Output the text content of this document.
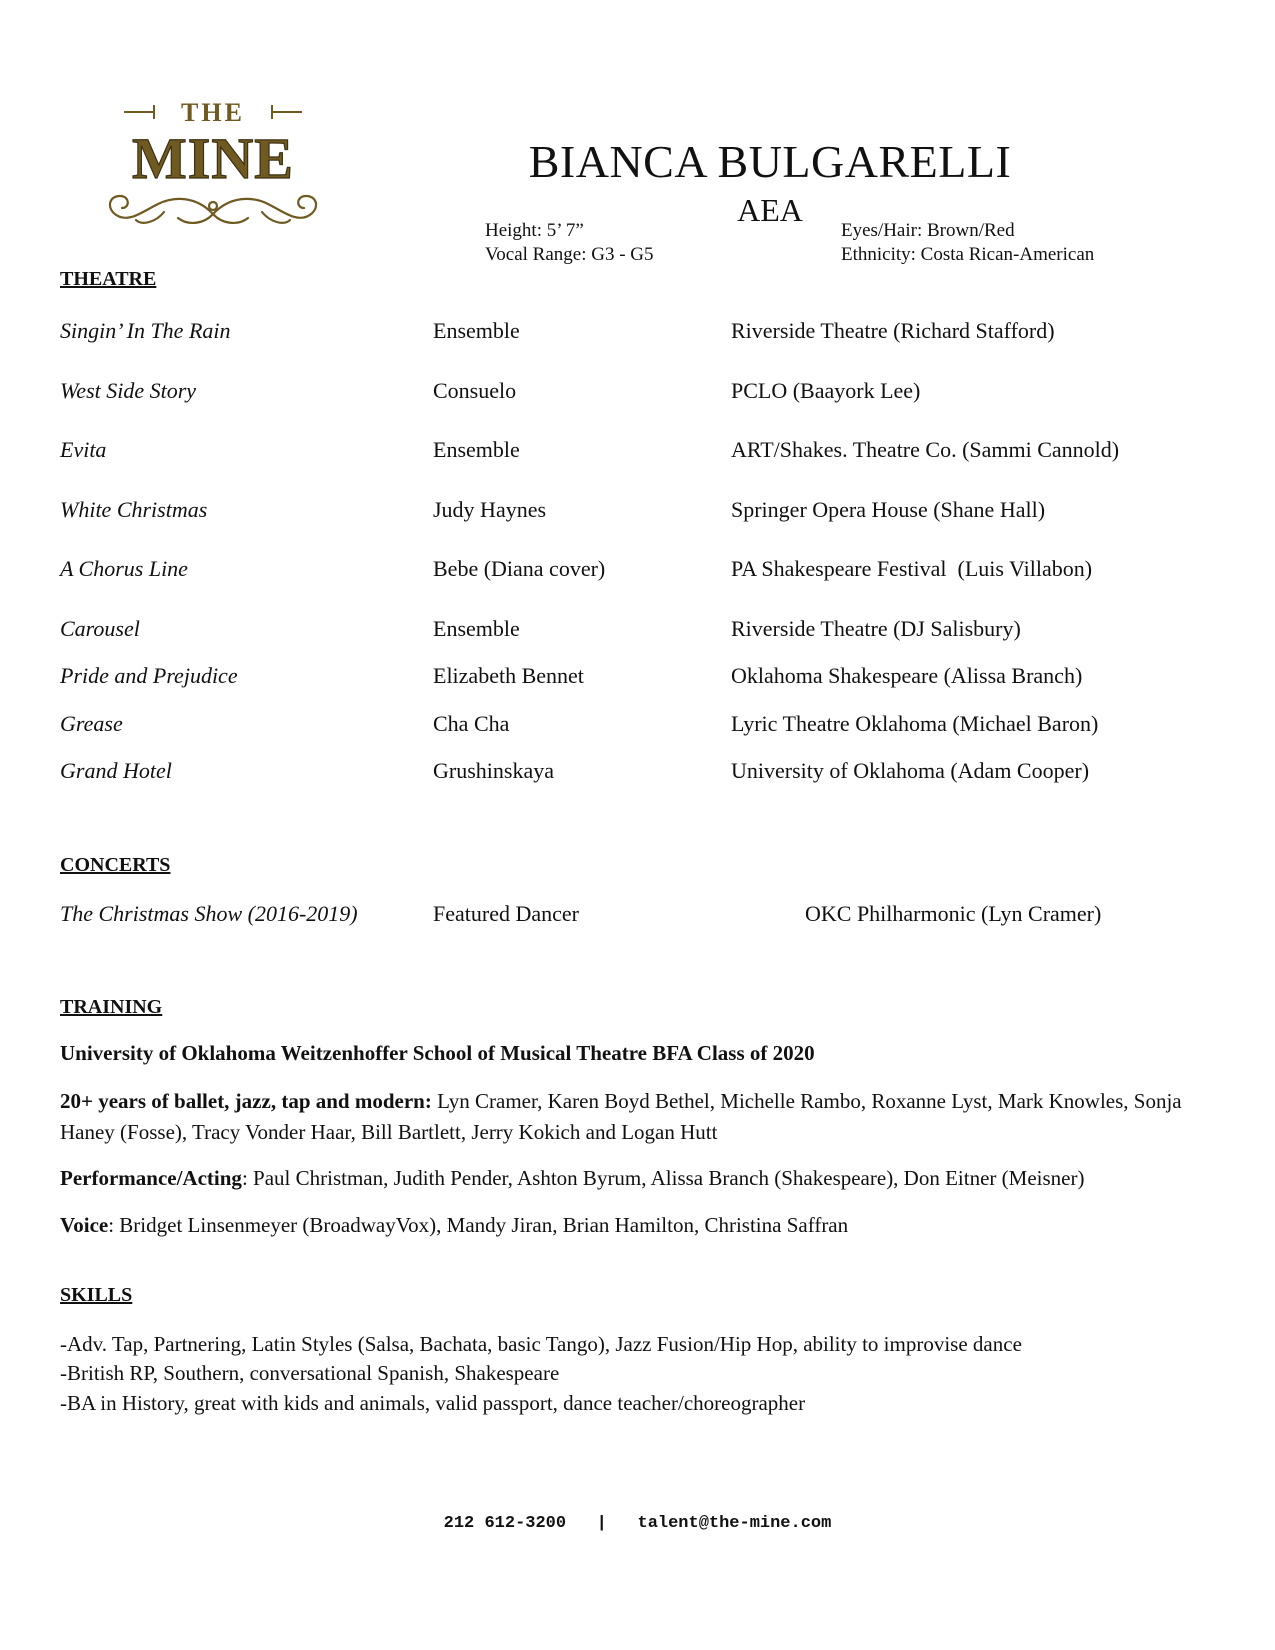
THE
MINE	BIANCA BULGARELLI
AEA
Height: 5’ 7”
Vocal Range: G3 - G5
Eyes/Hair: Brown/Red
Ethnicity: Costa Rican-American
THEATRE
Singin’ In The Rain	Ensemble	Riverside Theatre (Richard Stafford)
West Side Story	Consuelo	PCLO (Baayork Lee)
Evita	Ensemble	ART/Shakes. Theatre Co. (Sammi Cannold)
White Christmas	Judy Haynes	Springer Opera House (Shane Hall)
A Chorus Line	Bebe (Diana cover)	PA Shakespeare Festival  (Luis Villabon)
Carousel	Ensemble	Riverside Theatre (DJ Salisbury)
Pride and Prejudice	Elizabeth Bennet	Oklahoma Shakespeare (Alissa Branch)
Grease	Cha Cha	Lyric Theatre Oklahoma (Michael Baron)
Grand Hotel	Grushinskaya	University of Oklahoma (Adam Cooper)
CONCERTS
The Christmas Show (2016-2019)	Featured Dancer	OKC Philharmonic (Lyn Cramer)
TRAINING
University of Oklahoma Weitzenhoffer School of Musical Theatre BFA Class of 2020
20+ years of ballet, jazz, tap and modern: Lyn Cramer, Karen Boyd Bethel, Michelle Rambo, Roxanne Lyst, Mark Knowles, Sonja Haney (Fosse), Tracy Vonder Haar, Bill Bartlett, Jerry Kokich and Logan Hutt
Performance/Acting: Paul Christman, Judith Pender, Ashton Byrum, Alissa Branch (Shakespeare), Don Eitner (Meisner)
Voice: Bridget Linsenmeyer (BroadwayVox), Mandy Jiran, Brian Hamilton, Christina Saffran
SKILLS
-Adv. Tap, Partnering, Latin Styles (Salsa, Bachata, basic Tango), Jazz Fusion/Hip Hop, ability to improvise dance
-British RP, Southern, conversational Spanish, Shakespeare
-BA in History, great with kids and animals, valid passport, dance teacher/choreographer
212 612-3200   |   talent@the-mine.com
